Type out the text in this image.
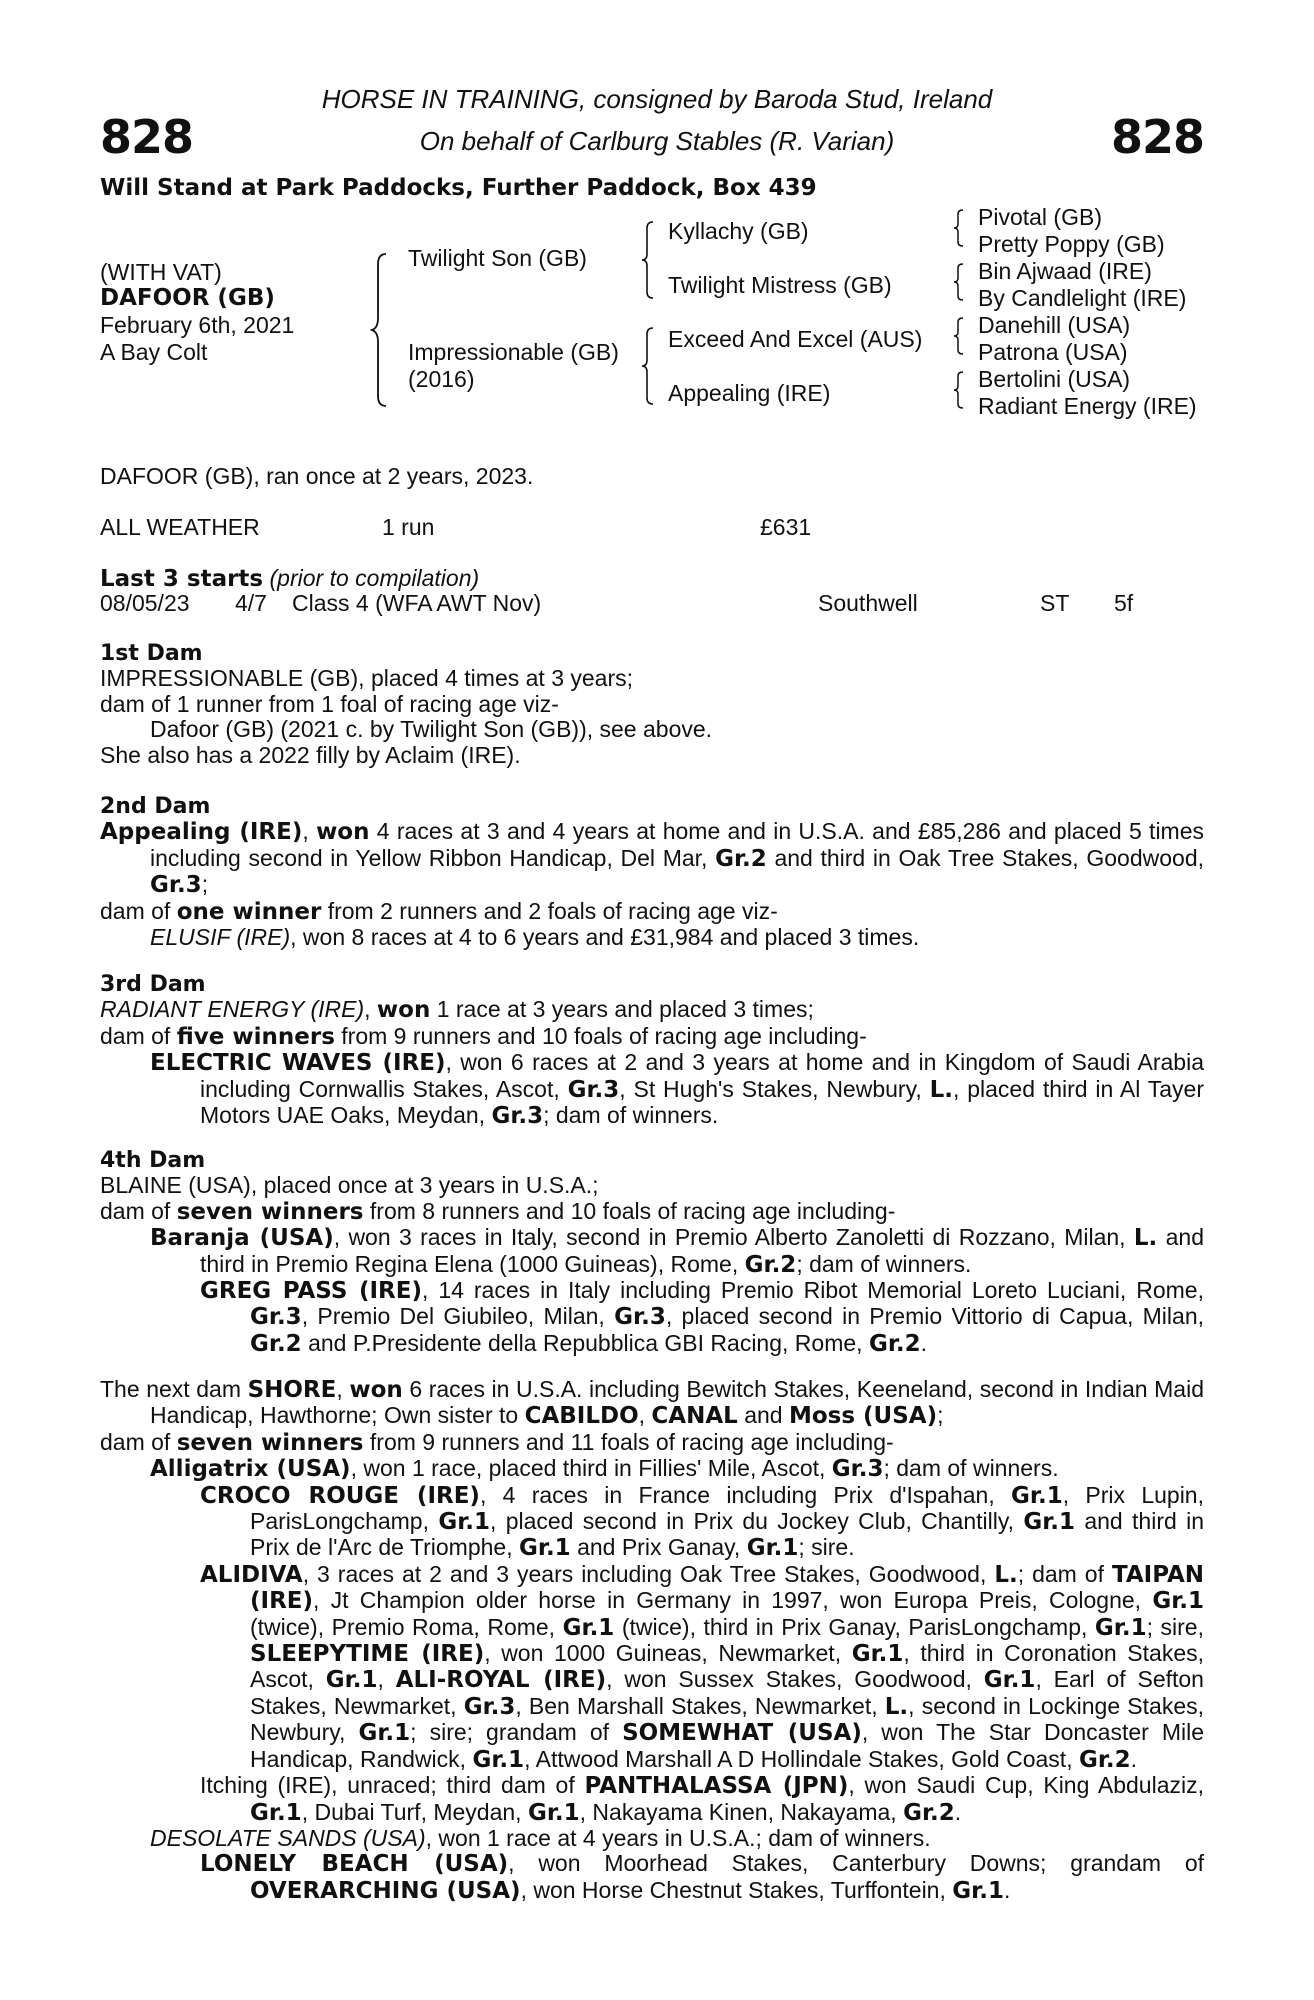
828	828
HORSE IN TRAINING, consigned by Baroda Stud, Ireland
On behalf of Carlburg Stables (R. Varian)
Will Stand at Park Paddocks, Further Paddock, Box 439
(WITH VAT)
DAFOOR (GB)
February 6th, 2021
A Bay Colt
Twilight Son (GB)
Impressionable (GB)
(2016)
Kyllachy (GB)
Twilight Mistress (GB)
Exceed And Excel (AUS)
Appealing (IRE)
Pivotal (GB)
Pretty Poppy (GB)
Bin Ajwaad (IRE)
By Candlelight (IRE)
Danehill (USA)
Patrona (USA)
Bertolini (USA)
Radiant Energy (IRE)
DAFOOR (GB), ran once at 2 years, 2023.
ALL WEATHER	1 run	£631
Last 3 starts (prior to compilation)
08/05/23 4/7 Class 4 (WFA AWT Nov)	Southwell	ST 5f

1st Dam

IMPRESSIONABLE (GB), placed 4 times at 3 years;

dam of 1 runner from 1 foal of racing age viz-

Dafoor (GB) (2021 c. by Twilight Son (GB)), see above.

She also has a 2022 filly by Aclaim (IRE).

2nd Dam

Appealing (IRE), won 4 races at 3 and 4 years at home and in U.S.A. and £85,286 and placed 5 times including second in Yellow Ribbon Handicap, Del Mar, Gr.2 and third in Oak Tree Stakes, Goodwood, Gr.3;

dam of one winner from 2 runners and 2 foals of racing age viz-

ELUSIF (IRE), won 8 races at 4 to 6 years and £31,984 and placed 3 times.

3rd Dam

RADIANT ENERGY (IRE), won 1 race at 3 years and placed 3 times;

dam of five winners from 9 runners and 10 foals of racing age including-

ELECTRIC WAVES (IRE), won 6 races at 2 and 3 years at home and in Kingdom of Saudi Arabia including Cornwallis Stakes, Ascot, Gr.3, St Hugh's Stakes, Newbury, L., placed third in Al Tayer Motors UAE Oaks, Meydan, Gr.3; dam of winners.

4th Dam

BLAINE (USA), placed once at 3 years in U.S.A.;

dam of seven winners from 8 runners and 10 foals of racing age including-

Baranja (USA), won 3 races in Italy, second in Premio Alberto Zanoletti di Rozzano, Milan, L. and third in Premio Regina Elena (1000 Guineas), Rome, Gr.2; dam of winners.

GREG PASS (IRE), 14 races in Italy including Premio Ribot Memorial Loreto Luciani, Rome, Gr.3, Premio Del Giubileo, Milan, Gr.3, placed second in Premio Vittorio di Capua, Milan, Gr.2 and P.Presidente della Repubblica GBI Racing, Rome, Gr.2.

The next dam SHORE, won 6 races in U.S.A. including Bewitch Stakes, Keeneland, second in Indian Maid Handicap, Hawthorne; Own sister to CABILDO, CANAL and Moss (USA);

dam of seven winners from 9 runners and 11 foals of racing age including-

Alligatrix (USA), won 1 race, placed third in Fillies' Mile, Ascot, Gr.3; dam of winners.

CROCO ROUGE (IRE), 4 races in France including Prix d'Ispahan, Gr.1, Prix Lupin, ParisLongchamp, Gr.1, placed second in Prix du Jockey Club, Chantilly, Gr.1 and third in Prix de l'Arc de Triomphe, Gr.1 and Prix Ganay, Gr.1; sire.

ALIDIVA, 3 races at 2 and 3 years including Oak Tree Stakes, Goodwood, L.; dam of TAIPAN (IRE), Jt Champion older horse in Germany in 1997, won Europa Preis, Cologne, Gr.1 (twice), Premio Roma, Rome, Gr.1 (twice), third in Prix Ganay, ParisLongchamp, Gr.1; sire, SLEEPYTIME (IRE), won 1000 Guineas, Newmarket, Gr.1, third in Coronation Stakes, Ascot, Gr.1, ALI-ROYAL (IRE), won Sussex Stakes, Goodwood, Gr.1, Earl of Sefton Stakes, Newmarket, Gr.3, Ben Marshall Stakes, Newmarket, L., second in Lockinge Stakes, Newbury, Gr.1; sire; grandam of SOMEWHAT (USA), won The Star Doncaster Mile Handicap, Randwick, Gr.1, Attwood Marshall A D Hollindale Stakes, Gold Coast, Gr.2.

Itching (IRE), unraced; third dam of PANTHALASSA (JPN), won Saudi Cup, King Abdulaziz, Gr.1, Dubai Turf, Meydan, Gr.1, Nakayama Kinen, Nakayama, Gr.2.

DESOLATE SANDS (USA), won 1 race at 4 years in U.S.A.; dam of winners.

LONELY BEACH (USA), won Moorhead Stakes, Canterbury Downs; grandam of OVERARCHING (USA), won Horse Chestnut Stakes, Turffontein, Gr.1.
